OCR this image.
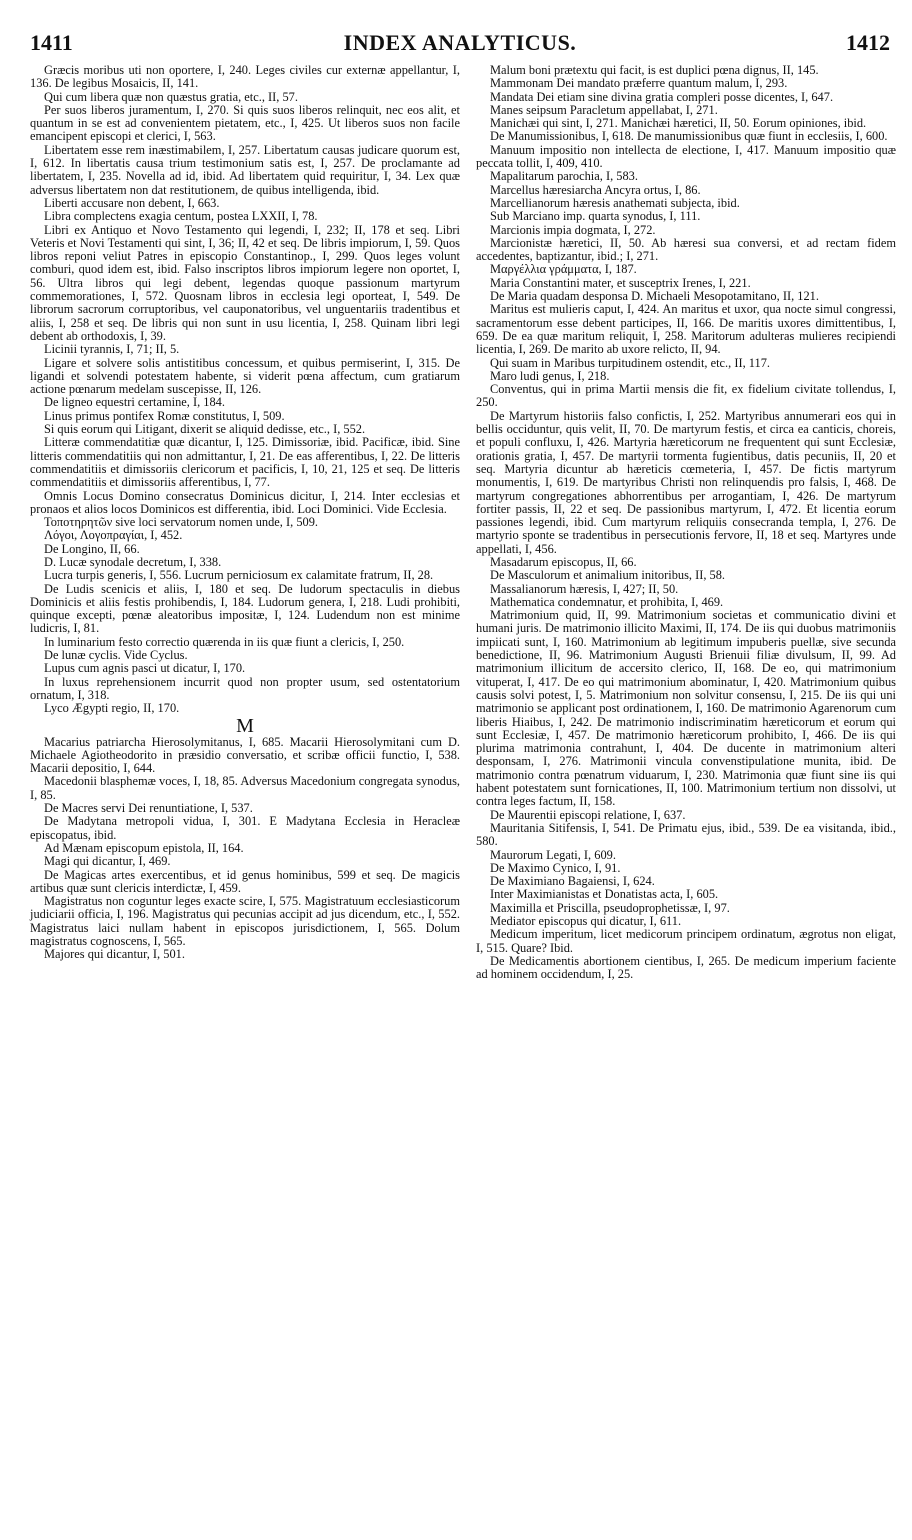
1411	INDEX ANALYTICUS.	1412

Græcis moribus uti non oportere, I, 240. Leges civiles cur externæ appellantur, I, 136. De legibus Mosaicis, II, 141.

Qui cum libera quæ non quæstus gratia, etc., II, 57.

Per suos liberos juramentum, I, 270. Si quis suos liberos relinquit, nec eos alit, et quantum in se est ad convenientem pietatem, etc., I, 425. Ut liberos suos non facile emancipent episcopi et clerici, I, 563.

Libertatem esse rem inæstimabilem, I, 257. Libertatum causas judicare quorum est, I, 612. In libertatis causa trium testimonium satis est, I, 257. De proclamante ad libertatem, I, 235. Novella ad id, ibid. Ad libertatem quid requiritur, I, 34. Lex quæ adversus libertatem non dat restitutionem, de quibus intelligenda, ibid.

Liberti accusare non debent, I, 663.

Libra complectens exagia centum, postea LXXII, I, 78.

Libri ex Antiquo et Novo Testamento qui legendi, I, 232; II, 178 et seq. Libri Veteris et Novi Testamenti qui sint, I, 36; II, 42 et seq. De libris impiorum, I, 59. Quos libros reponi veliut Patres in episcopio Constantinop., I, 299. Quos leges volunt comburi, quod idem est, ibid. Falso inscriptos libros impiorum legere non oportet, I, 56. Ultra libros qui legi debent, legendas quoque passionum martyrum commemorationes, I, 572. Quosnam libros in ecclesia legi oporteat, I, 549. De librorum sacrorum corruptoribus, vel cauponatoribus, vel unguentariis tradentibus et aliis, I, 258 et seq. De libris qui non sunt in usu licentia, I, 258. Quinam libri legi debent ab orthodoxis, I, 39.

Licinii tyrannis, I, 71; II, 5.

Ligare et solvere solis antistitibus concessum, et quibus permiserint, I, 315. De ligandi et solvendi potestatem habente, si viderit pœna affectum, cum gratiarum actione pœnarum medelam suscepisse, II, 126.

De ligneo equestri certamine, I, 184.

Linus primus pontifex Romæ constitutus, I, 509.

Si quis eorum qui Litigant, dixerit se aliquid dedisse, etc., I, 552.

Litteræ commendatitiæ quæ dicantur, I, 125. Dimissoriæ, ibid. Pacificæ, ibid. Sine litteris commendatitiis qui non admittantur, I, 21. De eas afferentibus, I, 22. De litteris commendatitiis et dimissoriis clericorum et pacificis, I, 10, 21, 125 et seq. De litteris commendatitiis et dimissoriis afferentibus, I, 77.

Omnis Locus Domino consecratus Dominicus dicitur, I, 214. Inter ecclesias et pronaos et alios locos Dominicos est differentia, ibid. Loci Dominici. Vide Ecclesia.

Τοποτηρητῶν sive loci servatorum nomen unde, I, 509.

Λόγοι, Λογοπραγίαι, I, 452.

De Longino, II, 66.

D. Lucæ synodale decretum, I, 338.

Lucra turpis generis, I, 556. Lucrum perniciosum ex calamitate fratrum, II, 28.

De Ludis scenicis et aliis, I, 180 et seq. De ludorum spectaculis in diebus Dominicis et aliis festis prohibendis, I, 184. Ludorum genera, I, 218. Ludi prohibiti, quinque excepti, pœnæ aleatoribus impositæ, I, 124. Ludendum non est minime ludicris, I, 81.

In luminarium festo correctio quærenda in iis quæ fiunt a clericis, I, 250.

De lunæ cyclis. Vide Cyclus.

Lupus cum agnis pasci ut dicatur, I, 170.

In luxus reprehensionem incurrit quod non propter usum, sed ostentatorium ornatum, I, 318.

Lyco Ægypti regio, II, 170.

M

Macarius patriarcha Hierosolymitanus, I, 685. Macarii Hierosolymitani cum D. Michaele Agiotheodorito in præsidio conversatio, et scribæ officii functio, I, 538. Macarii depositio, I, 644.

Macedonii blasphemæ voces, I, 18, 85. Adversus Macedonium congregata synodus, I, 85.

De Macres servi Dei renuntiatione, I, 537.

De Madytana metropoli vidua, I, 301. E Madytana Ecclesia in Heracleæ episcopatus, ibid.

Ad Mænam episcopum epistola, II, 164.

Magi qui dicantur, I, 469.

De Magicas artes exercentibus, et id genus hominibus, 599 et seq. De magicis artibus quæ sunt clericis interdictæ, I, 459.

Magistratus non coguntur leges exacte scire, I, 575. Magistratuum ecclesiasticorum judiciarii officia, I, 196. Magistratus qui pecunias accipit ad jus dicendum, etc., I, 552. Magistratus laici nullam habent in episcopos jurisdictionem, I, 565. Dolum magistratus cognoscens, I, 565.

Majores qui dicantur, I, 501.

Malum boni prætextu qui facit, is est duplici pœna dignus, II, 145.

Mammonam Dei mandato præferre quantum malum, I, 293.

Mandata Dei etiam sine divina gratia compleri posse dicentes, I, 647.

Manes seipsum Paracletum appellabat, I, 271.

Manichæi qui sint, I, 271. Manichæi hæretici, II, 50. Eorum opiniones, ibid.

De Manumissionibus, I, 618. De manumissionibus quæ fiunt in ecclesiis, I, 600.

Manuum impositio non intellecta de electione, I, 417. Manuum impositio quæ peccata tollit, I, 409, 410.

Mapalitarum parochia, I, 583.

Marcellus hæresiarcha Ancyra ortus, I, 86.

Marcellianorum hæresis anathemati subjecta, ibid.

Sub Marciano imp. quarta synodus, I, 111.

Marcionis impia dogmata, I, 272.

Marcionistæ hæretici, II, 50. Ab hæresi sua conversi, et ad rectam fidem accedentes, baptizantur, ibid.; I, 271.

Μαργέλλια γράμματα, I, 187.

Maria Constantini mater, et susceptrix Irenes, I, 221.

De Maria quadam desponsa D. Michaeli Mesopotamitano, II, 121.

Maritus est mulieris caput, I, 424. An maritus et uxor, qua nocte simul congressi, sacramentorum esse debent participes, II, 166. De maritis uxores dimittentibus, I, 659. De ea quæ maritum reliquit, I, 258. Maritorum adulteras mulieres recipiendi licentia, I, 269. De marito ab uxore relicto, II, 94.

Qui suam in Maribus turpitudinem ostendit, etc., II, 117.

Maro ludi genus, I, 218.

Conventus, qui in prima Martii mensis die fit, ex fidelium civitate tollendus, I, 250.

De Martyrum historiis falso confictis, I, 252. Martyribus annumerari eos qui in bellis occiduntur, quis velit, II, 70. De martyrum festis, et circa ea canticis, choreis, et populi confluxu, I, 426. Martyria hæreticorum ne frequentent qui sunt Ecclesiæ, orationis gratia, I, 457. De martyrii tormenta fugientibus, datis pecuniis, II, 20 et seq. Martyria dicuntur ab hæreticis cœmeteria, I, 457. De fictis martyrum monumentis, I, 619. De martyribus Christi non relinquendis pro falsis, I, 468. De martyrum congregationes abhorrentibus per arrogantiam, I, 426. De martyrum fortiter passis, II, 22 et seq. De passionibus martyrum, I, 472. Et licentia eorum passiones legendi, ibid. Cum martyrum reliquiis consecranda templa, I, 276. De martyrio sponte se tradentibus in persecutionis fervore, II, 18 et seq. Martyres unde appellati, I, 456.

Masadarum episcopus, II, 66.

De Masculorum et animalium initoribus, II, 58.

Massalianorum hæresis, I, 427; II, 50.

Mathematica condemnatur, et prohibita, I, 469.

Matrimonium quid, II, 99. Matrimonium societas et communicatio divini et humani juris. De matrimonio illicito Maximi, II, 174. De iis qui duobus matrimoniis impiicati sunt, I, 160. Matrimonium ab legitimum impuberis puellæ, sive secunda benedictione, II, 96. Matrimonium Augusti Brienuii filiæ divulsum, II, 99. Ad matrimonium illicitum de accersito clerico, II, 168. De eo, qui matrimonium vituperat, I, 417. De eo qui matrimonium abominatur, I, 420. Matrimonium quibus causis solvi potest, I, 5. Matrimonium non solvitur consensu, I, 215. De iis qui uni matrimonio se applicant post ordinationem, I, 160. De matrimonio Agarenorum cum liberis Hiaibus, I, 242. De matrimonio indiscriminatim hæreticorum et eorum qui sunt Ecclesiæ, I, 457. De matrimonio hæreticorum prohibito, I, 466. De iis qui plurima matrimonia contrahunt, I, 404. De ducente in matrimonium alteri desponsam, I, 276. Matrimonii vincula convenstipulatione munita, ibid. De matrimonio contra pœnatrum viduarum, I, 230. Matrimonia quæ fiunt sine iis qui habent potestatem sunt fornicationes, II, 100. Matrimonium tertium non dissolvi, ut contra leges factum, II, 158.

De Maurentii episcopi relatione, I, 637.

Mauritania Sitifensis, I, 541. De Primatu ejus, ibid., 539. De ea visitanda, ibid., 580.

Maurorum Legati, I, 609.

De Maximo Cynico, I, 91.

De Maximiano Bagaiensi, I, 624.

Inter Maximianistas et Donatistas acta, I, 605.

Maximilla et Priscilla, pseudoprophetissæ, I, 97.

Mediator episcopus qui dicatur, I, 611.

Medicum imperitum, licet medicorum principem ordinatum, ægrotus non eligat, I, 515. Quare? Ibid.

De Medicamentis abortionem cientibus, I, 265. De medicum imperium faciente ad hominem occidendum, I, 25.
